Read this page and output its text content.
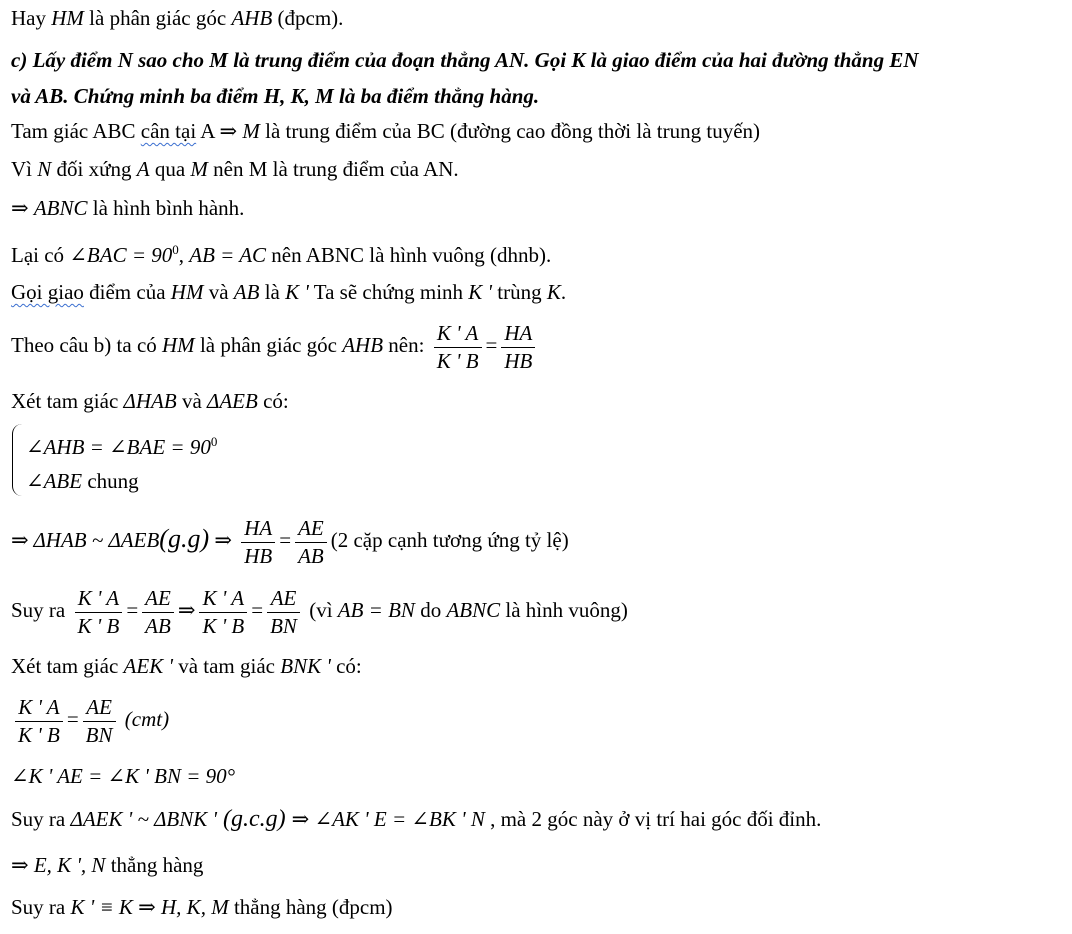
Hay HM là phân giác góc AHB (đpcm).
c) Lấy điểm N sao cho M là trung điểm của đoạn thẳng AN. Gọi K là giao điểm của hai đường thẳng EN
và AB. Chứng minh ba điểm H, K, M là ba điểm thẳng hàng.
Tam giác ABC cân tại A ⇒ M là trung điểm của BC (đường cao đồng thời là trung tuyến)
Vì N đối xứng A qua M nên M là trung điểm của AN.
⇒ ABNC là hình bình hành.
Lại có ∠BAC = $90^0$, AB = AC nên ABNC là hình vuông (dhnb).
Gọi giao điểm của HM và AB là K ' Ta sẽ chứng minh K ' trùng K.
Theo câu b) ta có HM là phân giác góc AHB nên: $\frac{K ' A}{K ' B} = \frac{HA}{HB}$
Xét tam giác ΔHAB và ΔAEB có:
∠AHB = ∠BAE = $90^0$
∠ABE chung
⇒ ΔHAB ~ ΔAEB(g.g) ⇒ $\frac{HA}{HB} = \frac{AE}{AB} (2$ cặp cạnh tương ứng tỷ lệ)
Suy ra $\frac{K ' A}{K ' B} = \frac{AE}{AB}$ ⇒ $\frac{K ' A}{K ' B} = \frac{AE}{BN}$ (vì AB = BN do ABNC là hình vuông)
Xét tam giác AEK ' và tam giác BNK ' có:
$\frac{K ' A}{K ' B} = \frac{AE}{BN} (cmt)$
∠K ' AE = ∠K ' BN = 90°
Suy ra ΔAEK ' ~ ΔBNK ' (g.c.g) ⇒ ∠AK ' E = ∠BK ' N , mà 2 góc này ở vị trí hai góc đối đỉnh.
⇒ E, K ', N thẳng hàng
Suy ra K ' ≡ K ⇒ H, K, M thẳng hàng (đpcm)
